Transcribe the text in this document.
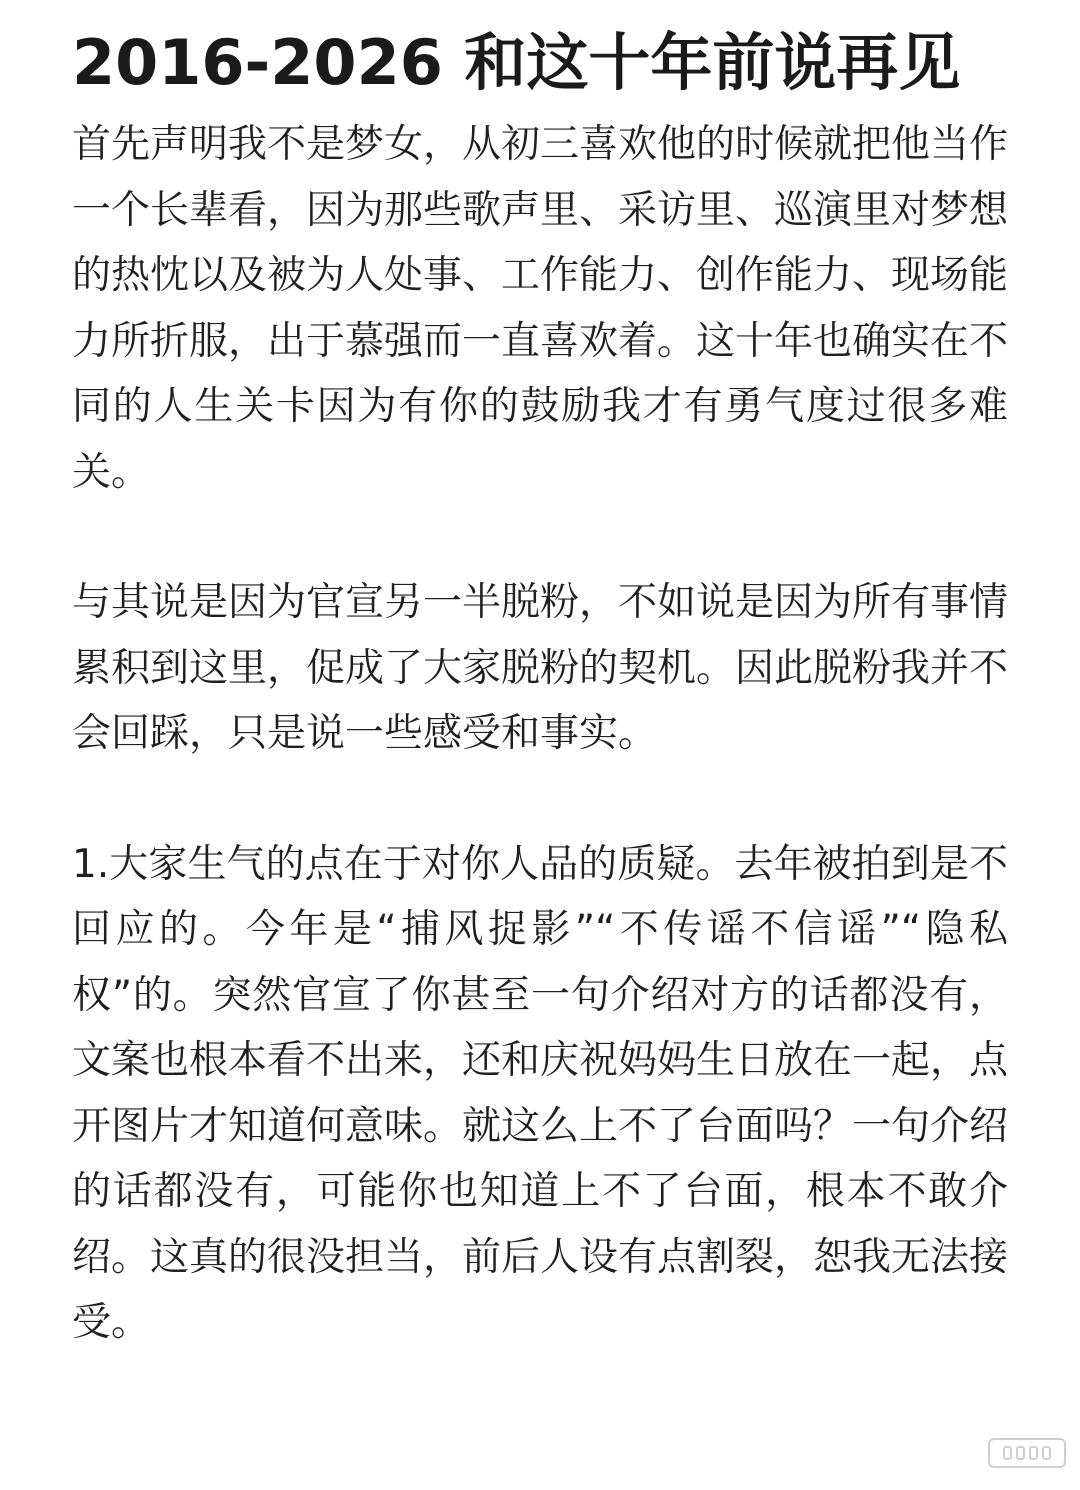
2016-2026 和这十年前说再见

首先声明我不是梦女，从初三喜欢他的时候就把他当作一个长辈看，因为那些歌声里、采访里、巡演里对梦想的热忱以及被为人处事、工作能力、创作能力、现场能力所折服，出于慕强而一直喜欢着。这十年也确实在不同的人生关卡因为有你的鼓励我才有勇气度过很多难关。

与其说是因为官宣另一半脱粉，不如说是因为所有事情累积到这里，促成了大家脱粉的契机。因此脱粉我并不会回踩，只是说一些感受和事实。

1.大家生气的点在于对你人品的质疑。去年被拍到是不回应的。今年是“捕风捉影”“不传谣不信谣”“隐私权”的。突然官宣了你甚至一句介绍对方的话都没有，文案也根本看不出来，还和庆祝妈妈生日放在一起，点开图片才知道何意味。就这么上不了台面吗？一句介绍的话都没有，可能你也知道上不了台面，根本不敢介绍。这真的很没担当，前后人设有点割裂，恕我无法接受。
